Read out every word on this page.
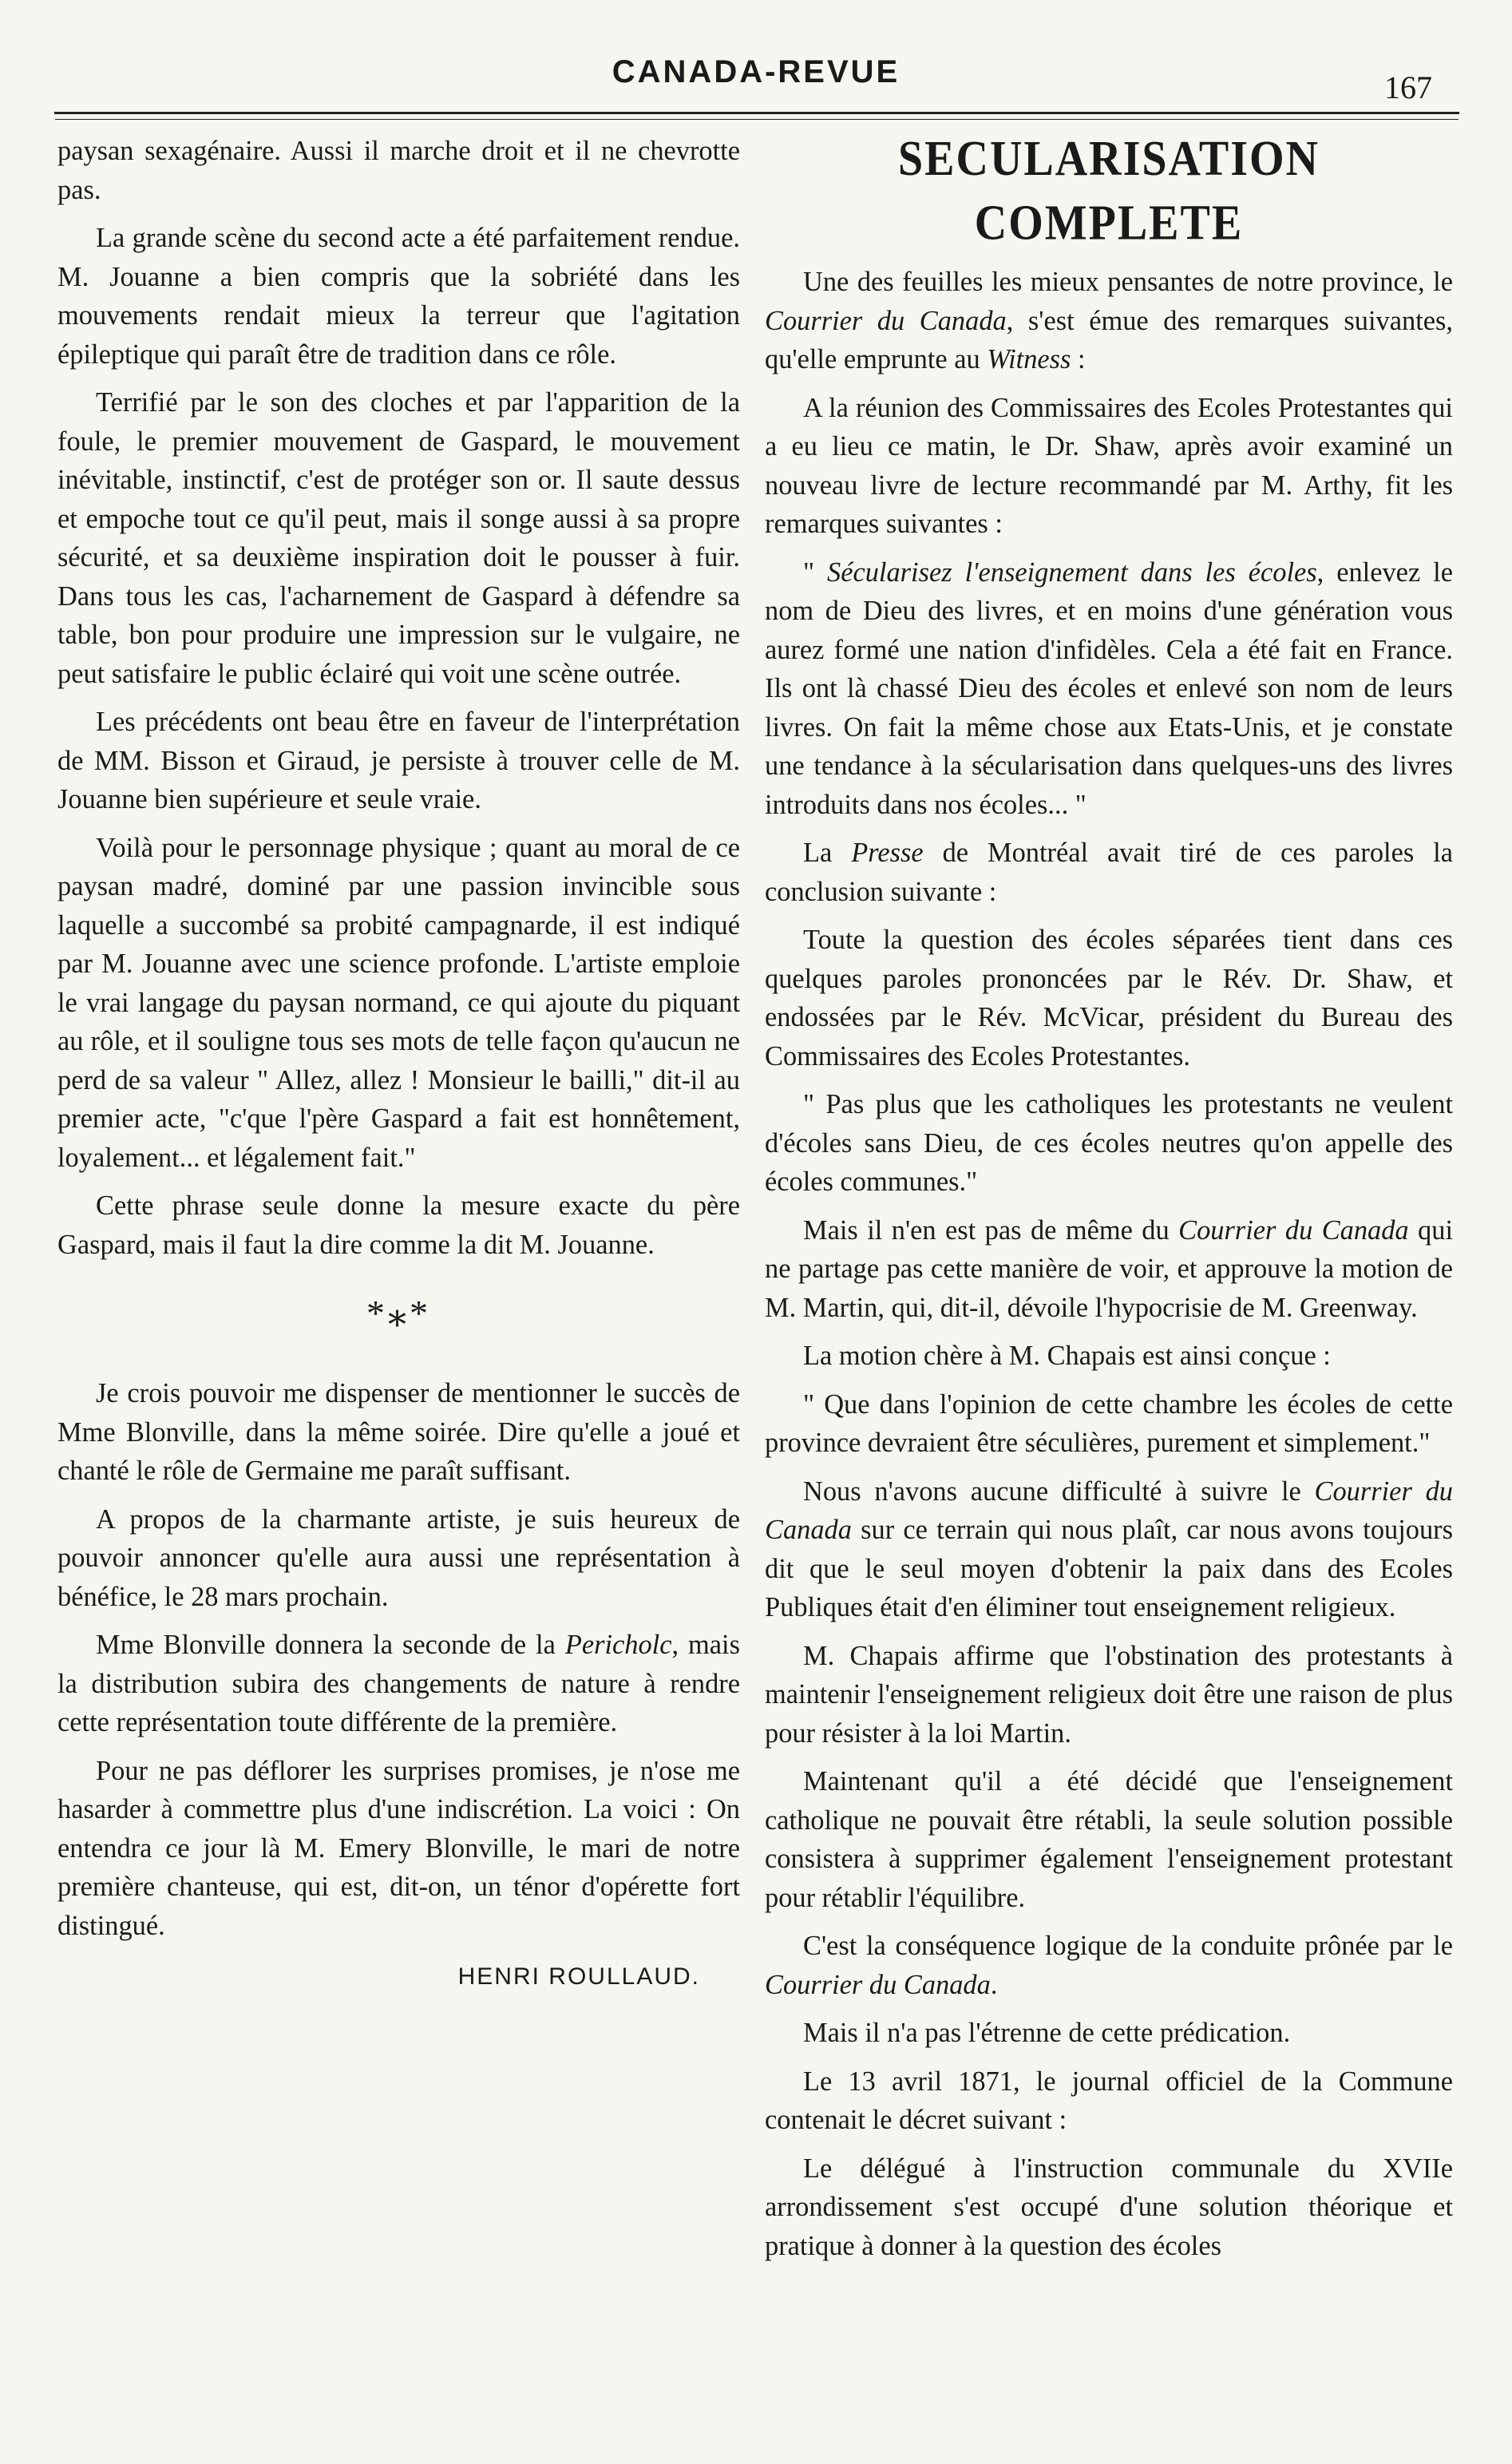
CANADA-REVUE	167

paysan sexagénaire. Aussi il marche droit et il ne chevrotte pas.

La grande scène du second acte a été parfaitement rendue. M. Jouanne a bien compris que la sobriété dans les mouvements rendait mieux la terreur que l'agitation épileptique qui paraît être de tradition dans ce rôle.

Terrifié par le son des cloches et par l'apparition de la foule, le premier mouvement de Gaspard, le mouvement inévitable, instinctif, c'est de protéger son or. Il saute dessus et empoche tout ce qu'il peut, mais il songe aussi à sa propre sécurité, et sa deuxième inspiration doit le pousser à fuir. Dans tous les cas, l'acharnement de Gaspard à défendre sa table, bon pour produire une impression sur le vulgaire, ne peut satisfaire le public éclairé qui voit une scène outrée.

Les précédents ont beau être en faveur de l'interprétation de MM. Bisson et Giraud, je persiste à trouver celle de M. Jouanne bien supérieure et seule vraie.

Voilà pour le personnage physique ; quant au moral de ce paysan madré, dominé par une passion invincible sous laquelle a succombé sa probité campagnarde, il est indiqué par M. Jouanne avec une science profonde. L'artiste emploie le vrai langage du paysan normand, ce qui ajoute du piquant au rôle, et il souligne tous ses mots de telle façon qu'aucun ne perd de sa valeur " Allez, allez ! Monsieur le bailli," dit-il au premier acte, "c'que l'père Gaspard a fait est honnêtement, loyalement... et légalement fait."

Cette phrase seule donne la mesure exacte du père Gaspard, mais il faut la dire comme la dit M. Jouanne.

*⁎*

Je crois pouvoir me dispenser de mentionner le succès de Mme Blonville, dans la même soirée. Dire qu'elle a joué et chanté le rôle de Germaine me paraît suffisant.

A propos de la charmante artiste, je suis heureux de pouvoir annoncer qu'elle aura aussi une représentation à bénéfice, le 28 mars prochain.

Mme Blonville donnera la seconde de la Pericholc, mais la distribution subira des changements de nature à rendre cette représentation toute différente de la première.

Pour ne pas déflorer les surprises promises, je n'ose me hasarder à commettre plus d'une indiscrétion. La voici : On entendra ce jour là M. Emery Blonville, le mari de notre première chanteuse, qui est, dit-on, un ténor d'opérette fort distingué.

HENRI ROULLAUD.
SECULARISATION COMPLETE

Une des feuilles les mieux pensantes de notre province, le Courrier du Canada, s'est émue des remarques suivantes, qu'elle emprunte au Witness :

A la réunion des Commissaires des Ecoles Protestantes qui a eu lieu ce matin, le Dr. Shaw, après avoir examiné un nouveau livre de lecture recommandé par M. Arthy, fit les remarques suivantes :

" Sécularisez l'enseignement dans les écoles, enlevez le nom de Dieu des livres, et en moins d'une génération vous aurez formé une nation d'infidèles. Cela a été fait en France. Ils ont là chassé Dieu des écoles et enlevé son nom de leurs livres. On fait la même chose aux Etats-Unis, et je constate une tendance à la sécularisation dans quelques-uns des livres introduits dans nos écoles... "

La Presse de Montréal avait tiré de ces paroles la conclusion suivante :

Toute la question des écoles séparées tient dans ces quelques paroles prononcées par le Rév. Dr. Shaw, et endossées par le Rév. McVicar, président du Bureau des Commissaires des Ecoles Protestantes.

" Pas plus que les catholiques les protestants ne veulent d'écoles sans Dieu, de ces écoles neutres qu'on appelle des écoles communes."

Mais il n'en est pas de même du Courrier du Canada qui ne partage pas cette manière de voir, et approuve la motion de M. Martin, qui, dit-il, dévoile l'hypocrisie de M. Greenway.

La motion chère à M. Chapais est ainsi conçue :

" Que dans l'opinion de cette chambre les écoles de cette province devraient être séculières, purement et simplement."

Nous n'avons aucune difficulté à suivre le Courrier du Canada sur ce terrain qui nous plaît, car nous avons toujours dit que le seul moyen d'obtenir la paix dans des Ecoles Publiques était d'en éliminer tout enseignement religieux.

M. Chapais affirme que l'obstination des protestants à maintenir l'enseignement religieux doit être une raison de plus pour résister à la loi Martin.

Maintenant qu'il a été décidé que l'enseignement catholique ne pouvait être rétabli, la seule solution possible consistera à supprimer également l'enseignement protestant pour rétablir l'équilibre.

C'est la conséquence logique de la conduite prônée par le Courrier du Canada.

Mais il n'a pas l'étrenne de cette prédication.

Le 13 avril 1871, le journal officiel de la Commune contenait le décret suivant :

Le délégué à l'instruction communale du XVIIe arrondissement s'est occupé d'une solution théorique et pratique à donner à la question des écoles
